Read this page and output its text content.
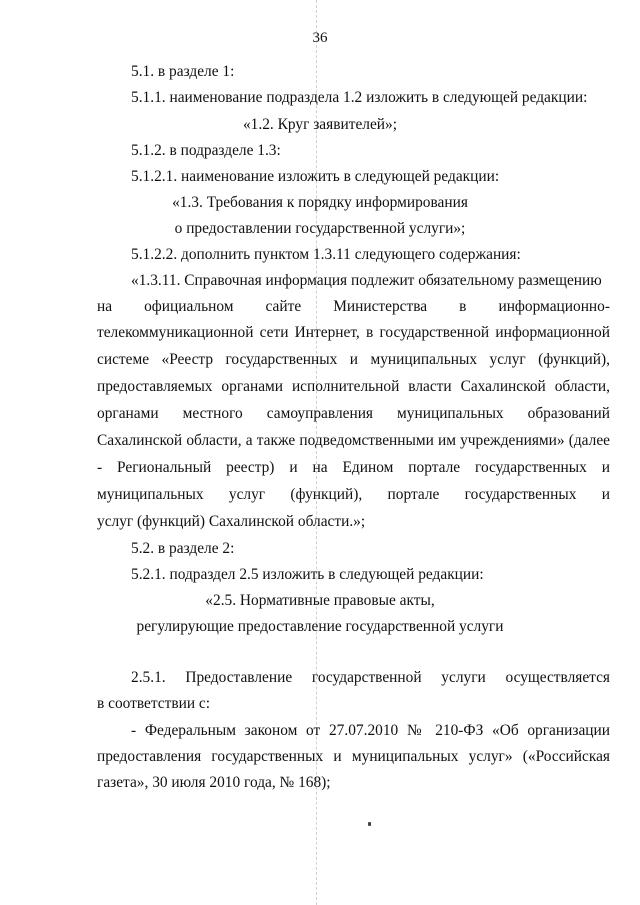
36
5.1. в разделе 1:
5.1.1. наименование подраздела 1.2 изложить в следующей редакции:
«1.2. Круг заявителей»;
5.1.2. в подразделе 1.3:
5.1.2.1. наименование изложить в следующей редакции:
«1.3. Требования к порядку информирования
о предоставлении государственной услуги»;
5.1.2.2. дополнить пунктом 1.3.11 следующего содержания:
«1.3.11. Справочная информация подлежит обязательному размещению
на официальном сайте Министерства в информационно-
телекоммуникационной сети Интернет, в государственной информационной
системе «Реестр государственных и муниципальных услуг (функций),
предоставляемых органами исполнительной власти Сахалинской области,
органами местного самоуправления муниципальных образований
Сахалинской области, а также подведомственными им учреждениями» (далее
- Региональный реестр) и на Едином портале государственных и
муниципальных услуг (функций), портале государственных и
услуг (функций) Сахалинской области.»;
5.2. в разделе 2:
5.2.1. подраздел 2.5 изложить в следующей редакции:
«2.5. Нормативные правовые акты,
регулирующие предоставление государственной услуги
2.5.1. Предоставление государственной услуги осуществляется
в соответствии с:
- Федеральным законом от 27.07.2010 № 210-ФЗ «Об организации
предоставления государственных и муниципальных услуг» («Российская
газета», 30 июля 2010 года, № 168);
